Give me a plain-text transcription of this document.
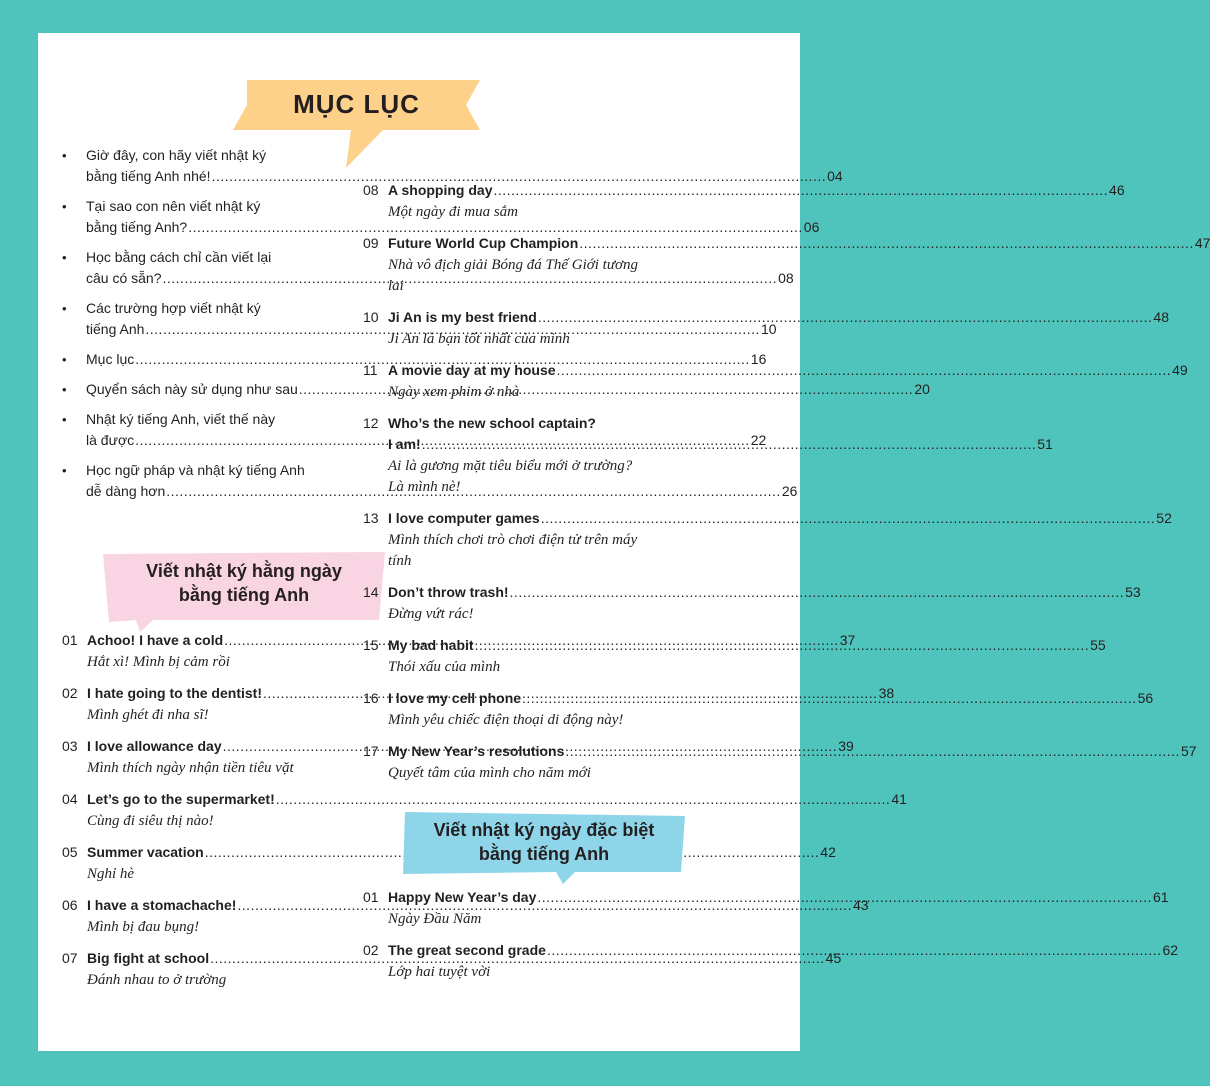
MỤC LỤC
• Giờ đây, con hãy viết nhật ký
bằng tiếng Anh nhé! .....	04
• Tại sao con nên viết nhật ký
bằng tiếng Anh? .....	06
• Học bằng cách chỉ cần viết lại
câu có sẵn? .....	08
• Các trường hợp viết nhật ký
tiếng Anh .....	10
• Mục lục .....	16
• Quyển sách này sử dụng như sau .....	20
• Nhật ký tiếng Anh, viết thế này
là được .....	22
• Học ngữ pháp và nhật ký tiếng Anh
dễ dàng hơn .....	26
Viết nhật ký hằng ngày
bằng tiếng Anh
01 Achoo! I have a cold .....	37
Hắt xì! Mình bị cảm rồi
02 I hate going to the dentist! .....	38
Mình ghét đi nha sĩ!
03 I love allowance day .....	39
Mình thích ngày nhận tiền tiêu vặt
04 Let’s go to the supermarket! .....	41
Cùng đi siêu thị nào!
05 Summer vacation .....	42
Nghỉ hè
06 I have a stomachache! .....	43
Mình bị đau bụng!
07 Big fight at school .....	45
Đánh nhau to ở trường
08 A shopping day .....	46
Một ngày đi mua sắm
09 Future World Cup Champion .....	47
Nhà vô địch giải Bóng đá Thế Giới tương lai
10 Ji An is my best friend .....	48
Ji An là bạn tốt nhất của mình
11 A movie day at my house .....	49
Ngày xem phim ở nhà
12 Who’s the new school captain?
I am! .....	51
Ai là gương mặt tiêu biểu mới ở trường? Là mình nè!
13 I love computer games .....	52
Mình thích chơi trò chơi điện tử trên máy tính
14 Don’t throw trash! .....	53
Đừng vứt rác!
15 My bad habit .....	55
Thói xấu của mình
16 I love my cell phone .....	56
Mình yêu chiếc điện thoại di động này!
17 My New Year’s resolutions .....	57
Quyết tâm của mình cho năm mới
Viết nhật ký ngày đặc biệt
bằng tiếng Anh
01 Happy New Year’s day .....	61
Ngày Đầu Năm
02 The great second grade .....	62
Lớp hai tuyệt vời
